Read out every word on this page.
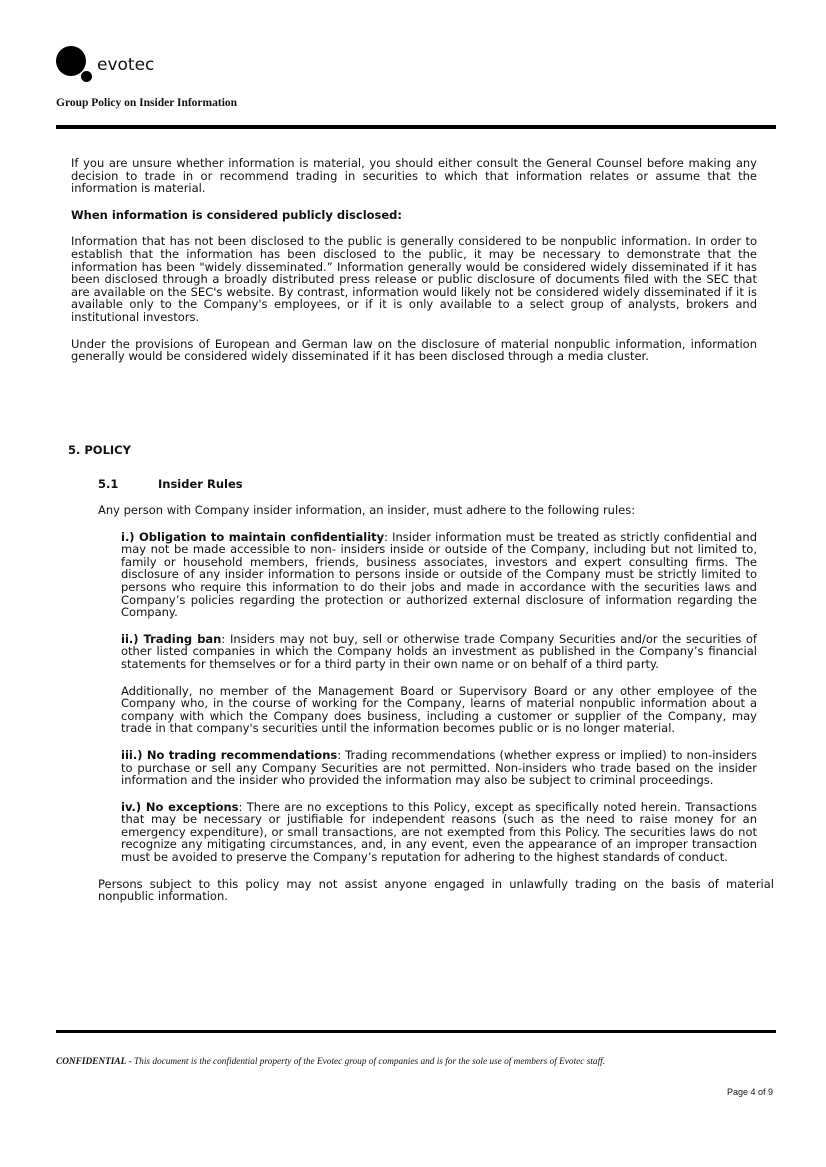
evotec
Group Policy on Insider Information

If you are unsure whether information is material, you should either consult the General Counsel before making any decision to trade in or recommend trading in securities to which that information relates or assume that the information is material.

When information is considered publicly disclosed:

Information that has not been disclosed to the public is generally considered to be nonpublic information. In order to establish that the information has been disclosed to the public, it may be necessary to demonstrate that the information has been "widely disseminated.” Information generally would be considered widely disseminated if it has been disclosed through a broadly distributed press release or public disclosure of documents filed with the SEC that are available on the SEC's website. By contrast, information would likely not be considered widely disseminated if it is available only to the Company's employees, or if it is only available to a select group of analysts, brokers and institutional investors.

Under the provisions of European and German law on the disclosure of material nonpublic information, information generally would be considered widely disseminated if it has been disclosed through a media cluster.

5. POLICY
5.1	Insider Rules

Any person with Company insider information, an insider, must adhere to the following rules:

i.) Obligation to maintain confidentiality: Insider information must be treated as strictly confidential and may not be made accessible to non- insiders inside or outside of the Company, including but not limited to, family or household members, friends, business associates, investors and expert consulting firms. The disclosure of any insider information to persons inside or outside of the Company must be strictly limited to persons who require this information to do their jobs and made in accordance with the securities laws and Company’s policies regarding the protection or authorized external disclosure of information regarding the Company.

ii.) Trading ban: Insiders may not buy, sell or otherwise trade Company Securities and/or the securities of other listed companies in which the Company holds an investment as published in the Company’s financial statements for themselves or for a third party in their own name or on behalf of a third party.

Additionally, no member of the Management Board or Supervisory Board or any other employee of the Company who, in the course of working for the Company, learns of material nonpublic information about a company with which the Company does business, including a customer or supplier of the Company, may trade in that company's securities until the information becomes public or is no longer material.

iii.) No trading recommendations: Trading recommendations (whether express or implied) to non-insiders to purchase or sell any Company Securities are not permitted. Non-insiders who trade based on the insider information and the insider who provided the information may also be subject to criminal proceedings.

iv.) No exceptions: There are no exceptions to this Policy, except as specifically noted herein. Transactions that may be necessary or justifiable for independent reasons (such as the need to raise money for an emergency expenditure), or small transactions, are not exempted from this Policy. The securities laws do not recognize any mitigating circumstances, and, in any event, even the appearance of an improper transaction must be avoided to preserve the Company’s reputation for adhering to the highest standards of conduct.

Persons subject to this policy may not assist anyone engaged in unlawfully trading on the basis of material nonpublic information.

CONFIDENTIAL - This document is the confidential property of the Evotec group of companies and is for the sole use of members of Evotec staff.
Page 4 of 9
